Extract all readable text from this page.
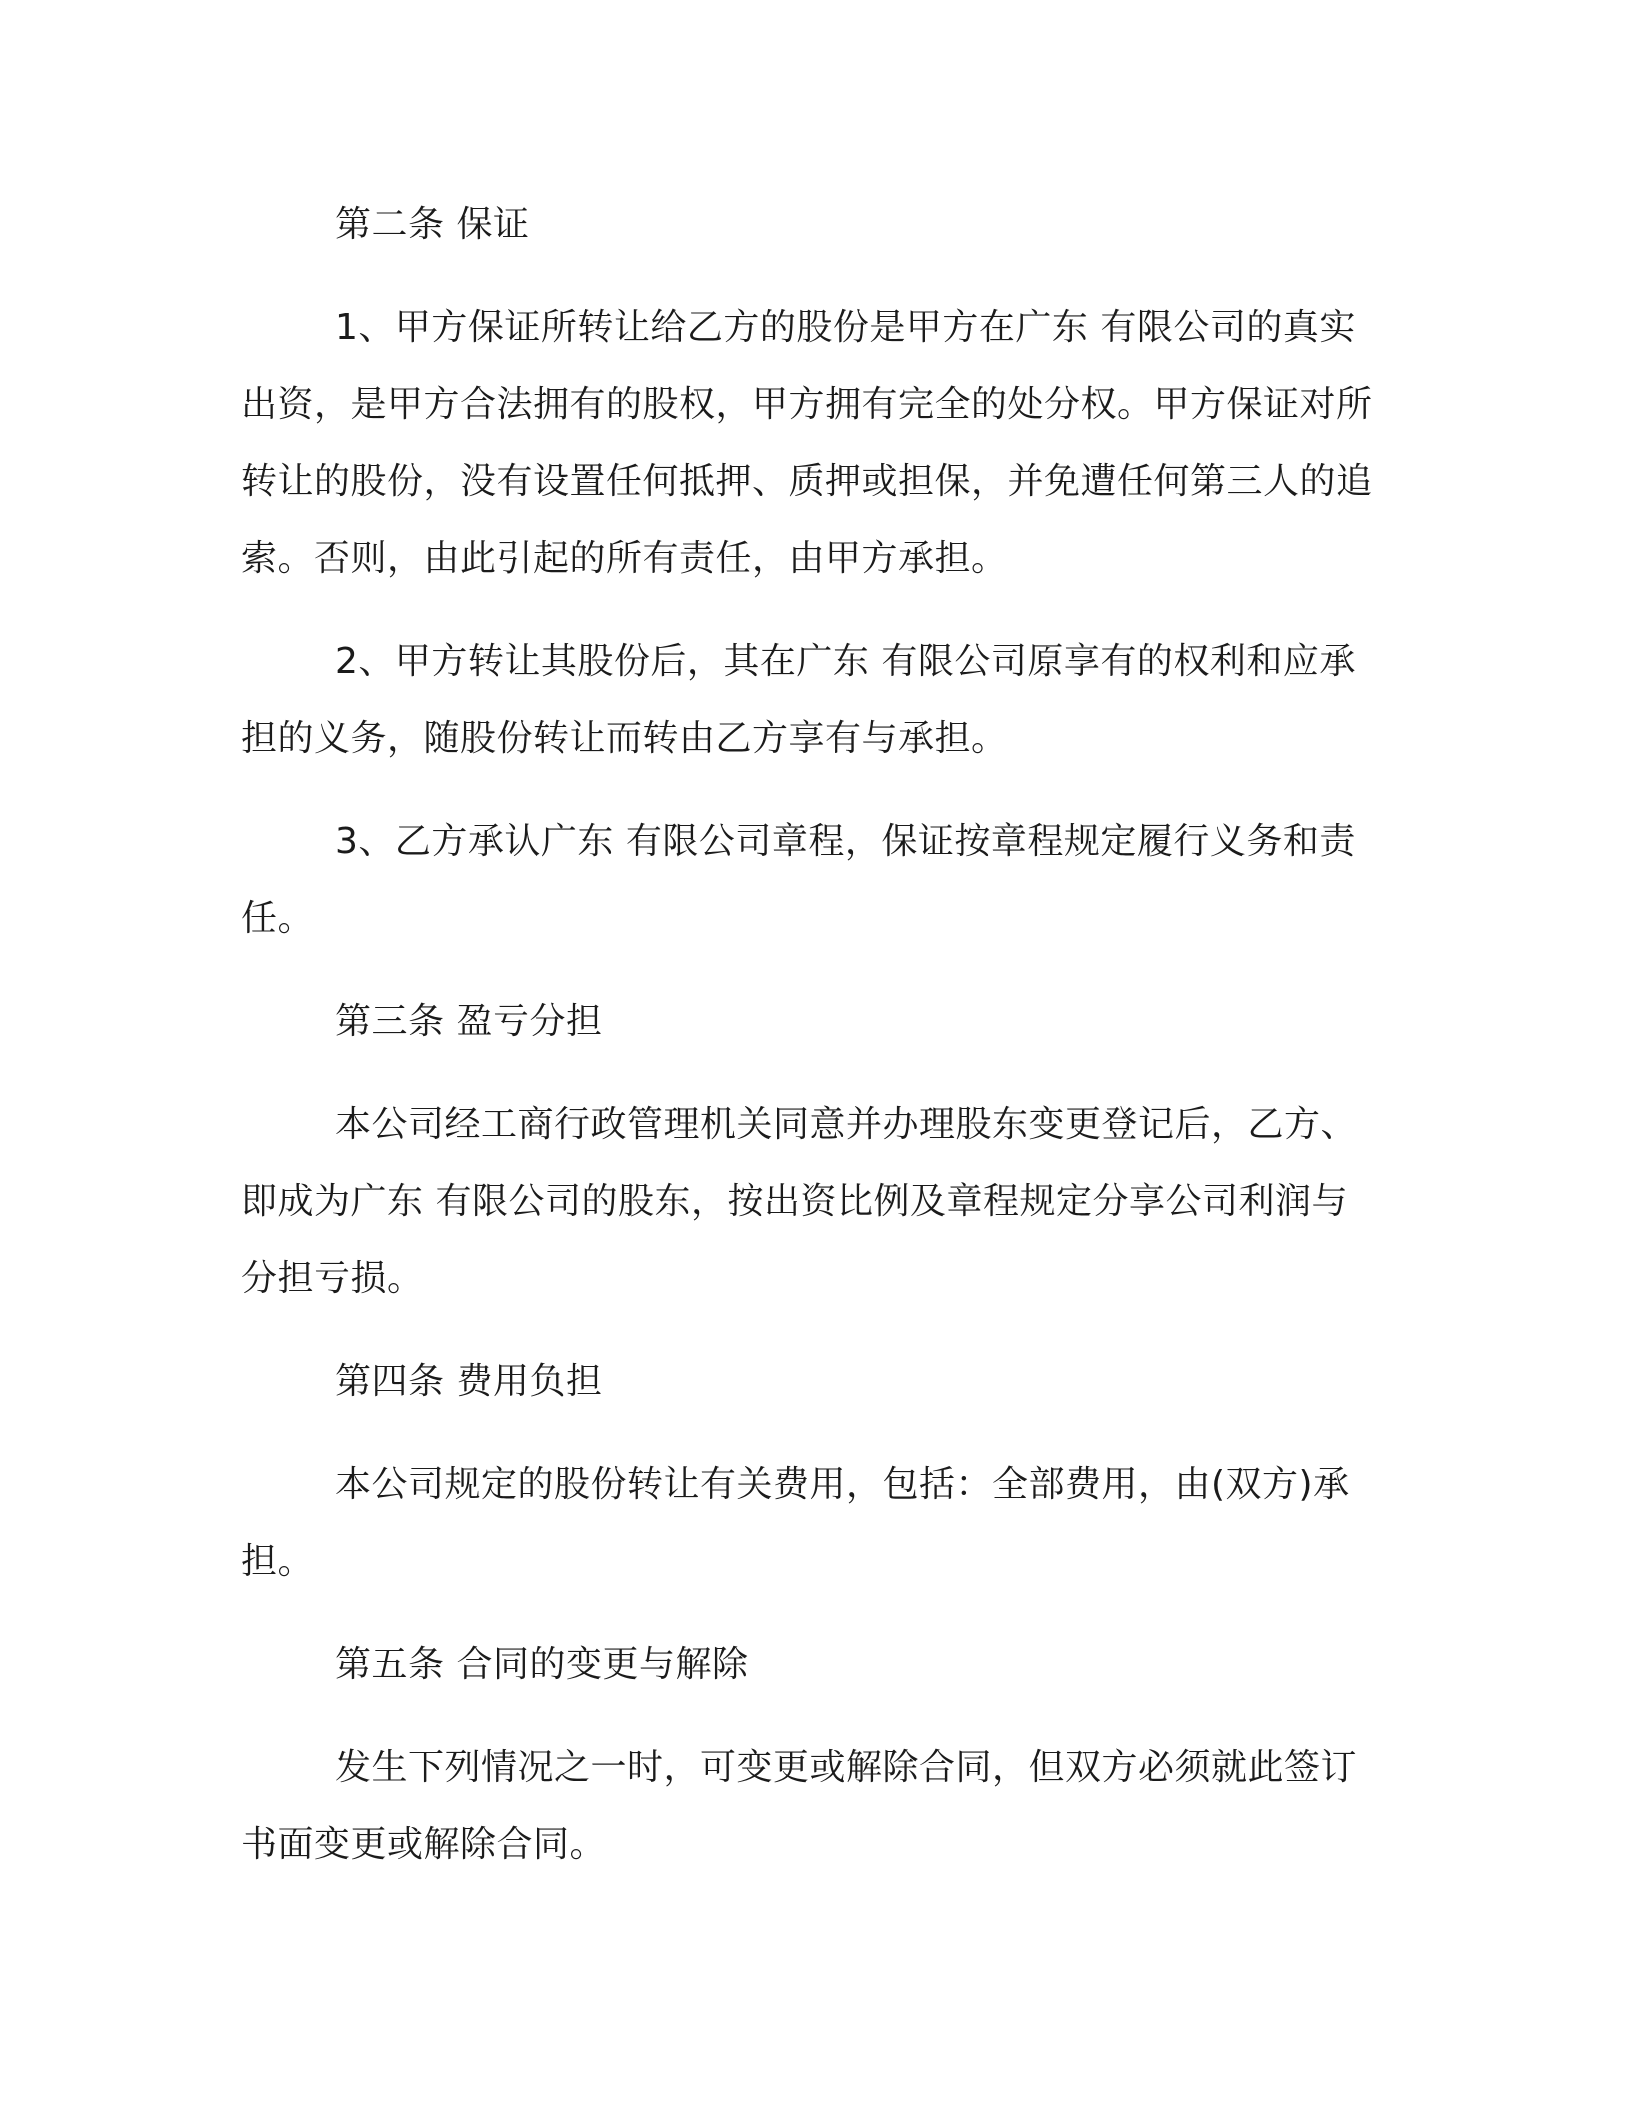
第二条 保证

1、甲方保证所转让给乙方的股份是甲方在广东 有限公司的真实出资，是甲方合法拥有的股权，甲方拥有完全的处分权。甲方保证对所转让的股份，没有设置任何抵押、质押或担保，并免遭任何第三人的追索。否则，由此引起的所有责任，由甲方承担。

2、甲方转让其股份后，其在广东 有限公司原享有的权利和应承担的义务，随股份转让而转由乙方享有与承担。

3、乙方承认广东 有限公司章程，保证按章程规定履行义务和责任。

第三条 盈亏分担

本公司经工商行政管理机关同意并办理股东变更登记后，乙方、即成为广东 有限公司的股东，按出资比例及章程规定分享公司利润与分担亏损。

第四条 费用负担

本公司规定的股份转让有关费用，包括：全部费用，由(双方)承担。

第五条 合同的变更与解除

发生下列情况之一时，可变更或解除合同，但双方必须就此签订书面变更或解除合同。
